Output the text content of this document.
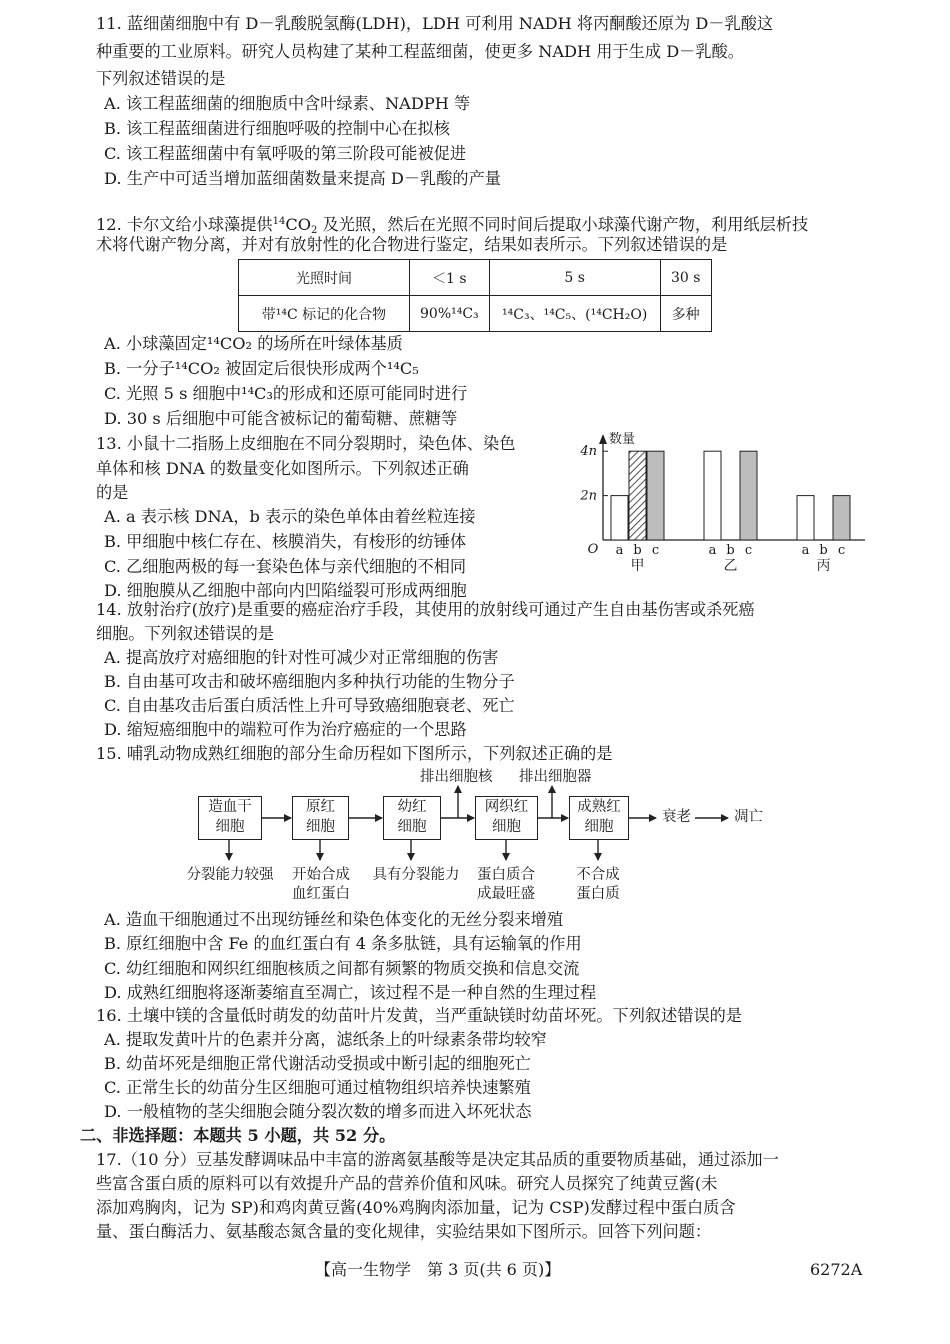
11. 蓝细菌细胞中有 D－乳酸脱氢酶(LDH)，LDH 可利用 NADH 将丙酮酸还原为 D－乳酸这
种重要的工业原料。研究人员构建了某种工程蓝细菌，使更多 NADH 用于生成 D－乳酸。
下列叙述错误的是
A. 该工程蓝细菌的细胞质中含叶绿素、NADPH 等
B. 该工程蓝细菌进行细胞呼吸的控制中心在拟核
C. 该工程蓝细菌中有氧呼吸的第三阶段可能被促进
D. 生产中可适当增加蓝细菌数量来提高 D－乳酸的产量
12. 卡尔文给小球藻提供$^{14}CO_2$ 及光照，然后在光照不同时间后提取小球藻代谢产物，利用纸层析技
术将代谢产物分离，并对有放射性的化合物进行鉴定，结果如表所示。下列叙述错误的是
光照时间	＜1 s	5 s	30 s
带¹⁴C 标记的化合物	90%¹⁴C₃	¹⁴C₃、¹⁴C₅、(¹⁴CH₂O)	多种
A. 小球藻固定¹⁴CO₂ 的场所在叶绿体基质
B. 一分子¹⁴CO₂ 被固定后很快形成两个¹⁴C₅
C. 光照 5 s 细胞中¹⁴C₃的形成和还原可能同时进行
D. 30 s 后细胞中可能含被标记的葡萄糖、蔗糖等
13. 小鼠十二指肠上皮细胞在不同分裂期时，染色体、染色
单体和核 DNA 的数量变化如图所示。下列叙述正确
的是
A. a 表示核 DNA，b 表示的染色单体由着丝粒连接
B. 甲细胞中核仁存在、核膜消失，有梭形的纺锤体
C. 乙细胞两极的每一套染色体与亲代细胞的不相同
D. 细胞膜从乙细胞中部向内凹陷缢裂可形成两细胞
数量
O
2n
4n
a b c
甲
a b c
乙
a b c
丙
14. 放射治疗(放疗)是重要的癌症治疗手段，其使用的放射线可通过产生自由基伤害或杀死癌
细胞。下列叙述错误的是
A. 提高放疗对癌细胞的针对性可减少对正常细胞的伤害
B. 自由基可攻击和破坏癌细胞内多种执行功能的生物分子
C. 自由基攻击后蛋白质活性上升可导致癌细胞衰老、死亡
D. 缩短癌细胞中的端粒可作为治疗癌症的一个思路
15. 哺乳动物成熟红细胞的部分生命历程如下图所示，下列叙述正确的是
造血干
细胞
原红
细胞
幼红
细胞
网织红
细胞
成熟红
细胞
排出细胞核 排出细胞器
衰老	凋亡
分裂能力较强	开始合成
血红蛋白
具有分裂能力	蛋白质合
成最旺盛
不合成
蛋白质
A. 造血干细胞通过不出现纺锤丝和染色体变化的无丝分裂来增殖
B. 原红细胞中含 Fe 的血红蛋白有 4 条多肽链，具有运输氧的作用
C. 幼红细胞和网织红细胞核质之间都有频繁的物质交换和信息交流
D. 成熟红细胞将逐渐萎缩直至凋亡，该过程不是一种自然的生理过程
16. 土壤中镁的含量低时萌发的幼苗叶片发黄，当严重缺镁时幼苗坏死。下列叙述错误的是
A. 提取发黄叶片的色素并分离，滤纸条上的叶绿素条带均较窄
B. 幼苗坏死是细胞正常代谢活动受损或中断引起的细胞死亡
C. 正常生长的幼苗分生区细胞可通过植物组织培养快速繁殖
D. 一般植物的茎尖细胞会随分裂次数的增多而进入坏死状态
二、非选择题：本题共 5 小题，共 52 分。
17.（10 分）豆基发酵调味品中丰富的游离氨基酸等是决定其品质的重要物质基础，通过添加一
些富含蛋白质的原料可以有效提升产品的营养价值和风味。研究人员探究了纯黄豆酱(未
添加鸡胸肉，记为 SP)和鸡肉黄豆酱(40%鸡胸肉添加量，记为 CSP)发酵过程中蛋白质含
量、蛋白酶活力、氨基酸态氮含量的变化规律，实验结果如下图所示。回答下列问题：
【高一生物学　第 3 页(共 6 页)】	6272A
